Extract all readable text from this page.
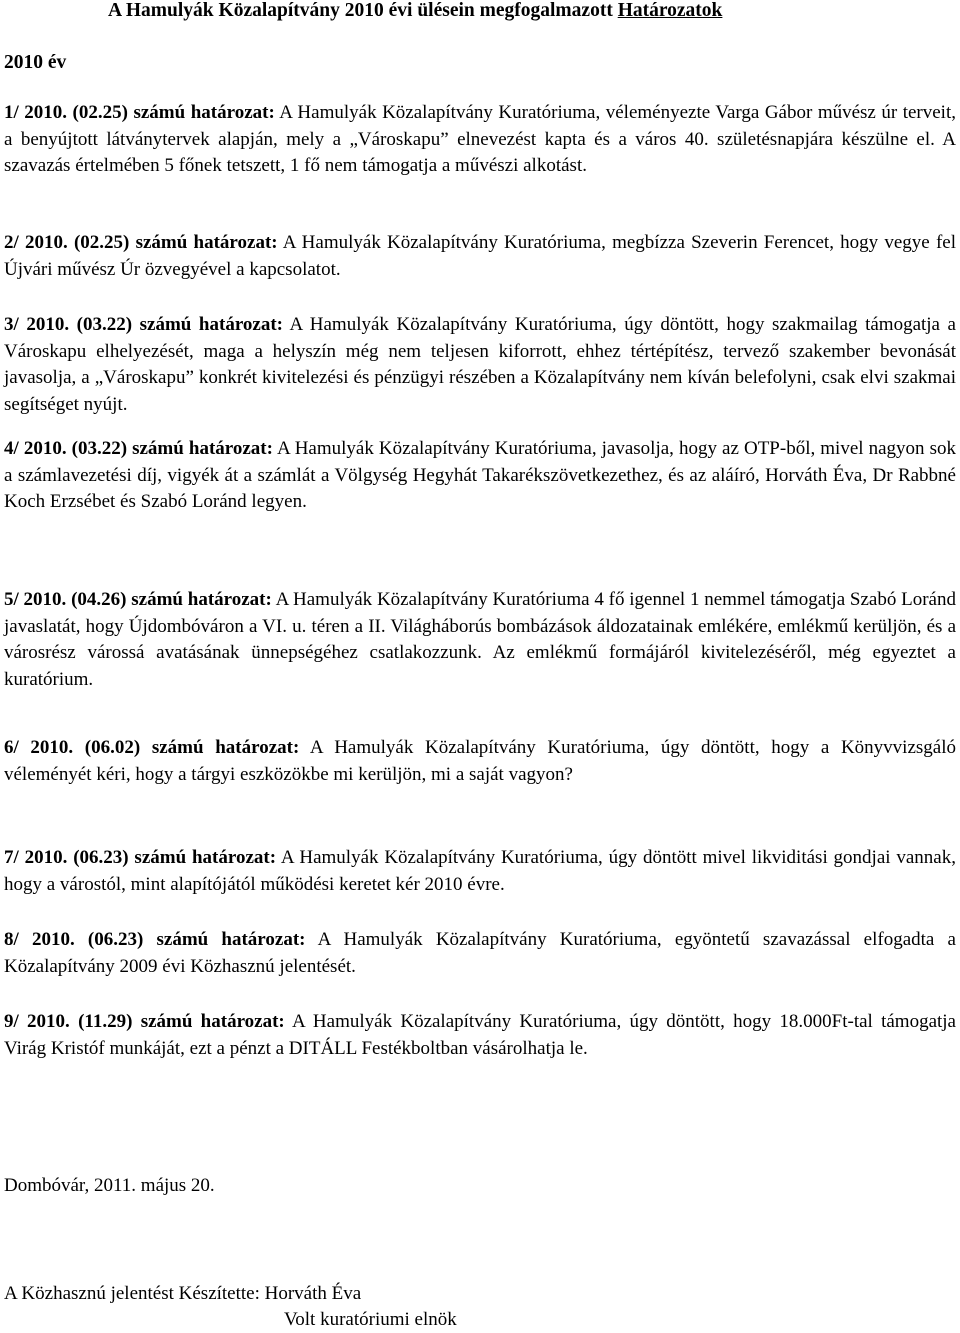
A Hamulyák Közalapítvány 2010 évi ülésein megfogalmazott Határozatok
2010 év

1/ 2010. (02.25) számú határozat: A Hamulyák Közalapítvány Kuratóriuma, véleményezte Varga Gábor művész úr terveit, a benyújtott látványtervek alapján, mely a „Városkapu” elnevezést kapta és a város 40. születésnapjára készülne el. A szavazás értelmében 5 főnek tetszett, 1 fő nem támogatja a művészi alkotást.

2/ 2010. (02.25) számú határozat: A Hamulyák Közalapítvány Kuratóriuma, megbízza Szeverin Ferencet, hogy vegye fel Újvári művész Úr özvegyével a kapcsolatot.

3/ 2010. (03.22) számú határozat: A Hamulyák Közalapítvány Kuratóriuma, úgy döntött, hogy szakmailag támogatja a Városkapu elhelyezését, maga a helyszín még nem teljesen kiforrott, ehhez tértépítész, tervező szakember bevonását javasolja, a „Városkapu” konkrét kivitelezési és pénzügyi részében a Közalapítvány nem kíván belefolyni, csak elvi szakmai segítséget nyújt.

4/ 2010. (03.22) számú határozat: A Hamulyák Közalapítvány Kuratóriuma, javasolja, hogy az OTP-ből, mivel nagyon sok a számlavezetési díj, vigyék át a számlát a Völgység Hegyhát Takarékszövetkezethez, és az aláíró, Horváth Éva, Dr Rabbné Koch Erzsébet és Szabó Loránd legyen.

5/ 2010. (04.26) számú határozat: A Hamulyák Közalapítvány Kuratóriuma 4 fő igennel 1 nemmel támogatja Szabó Loránd javaslatát, hogy Újdombóváron a VI. u. téren a II. Világháborús bombázások áldozatainak emlékére, emlékmű kerüljön, és a városrész várossá avatásának ünnepségéhez csatlakozzunk. Az emlékmű formájáról kivitelezéséről, még egyeztet a kuratórium.

6/ 2010. (06.02) számú határozat: A Hamulyák Közalapítvány Kuratóriuma, úgy döntött, hogy a Könyvvizsgáló véleményét kéri, hogy a tárgyi eszközökbe mi kerüljön, mi a saját vagyon?

7/ 2010. (06.23) számú határozat: A Hamulyák Közalapítvány Kuratóriuma, úgy döntött mivel likviditási gondjai vannak, hogy a várostól, mint alapítójától működési keretet kér 2010 évre.

8/ 2010. (06.23) számú határozat: A Hamulyák Közalapítvány Kuratóriuma, egyöntetű szavazással elfogadta a Közalapítvány 2009 évi Közhasznú jelentését.

9/ 2010. (11.29) számú határozat: A Hamulyák Közalapítvány Kuratóriuma, úgy döntött, hogy 18.000Ft-tal támogatja Virág Kristóf munkáját, ezt a pénzt a DITÁLL Festékboltban vásárolhatja le.

Dombóvár, 2011. május 20.
A Közhasznú jelentést Készítette: Horváth Éva
Volt kuratóriumi elnök
